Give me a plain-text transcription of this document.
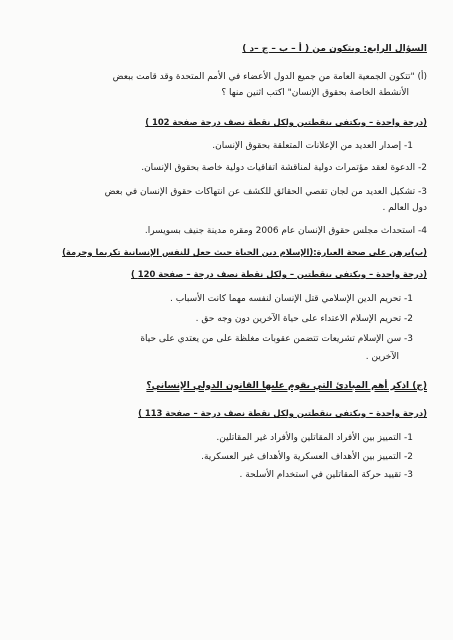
السؤال الرابع: ويتكون من ( أ – ب – ج –د )
(أ) "تتكون الجمعية العامة من جميع الدول الأعضاء في الأمم المتحدة وقد قامت ببعض
الأنشطة الخاصة بحقوق الإنسان" اكتب اثنين منها ؟
(درجة واحدة – ويكتفى بنقطتين ولكل نقطة نصف درجة صفحة 102 )
1- إصدار العديد من الإعلانات المتعلقة بحقوق الإنسان.
2- الدعوة لعقد مؤتمرات دولية لمناقشة اتفاقيات دولية خاصة بحقوق الإنسان.
3- تشكيل العديد من لجان تقصي الحقائق للكشف عن انتهاكات حقوق الإنسان في بعض
دول العالم .
4- استحداث مجلس حقوق الإنسان عام 2006 ومقره مدينة جنيف بسويسرا.
(ب)برهن على صحة العبارة:(الإسلام دين الحياة حيث جعل للنفس الإنسانية تكريما وحرمة)
(درجة واحدة – ويكتفى بنقطتين – ولكل نقطة نصف درجة – صفحة 120 )
1- تحريم الدين الإسلامي قتل الإنسان لنفسه مهما كانت الأسباب .
2- تحريم الإسلام الاعتداء على حياة الآخرين دون وجه حق .
3- سن الإسلام تشريعات تتضمن عقوبات مغلظة على من يعتدي على حياة
الآخرين .
(ج) اذكر أهم المبادئ التي يقوم عليها القانون الدولي الإنساني؟
(درجة واحدة – ويكتفى بنقطتين ولكل نقطة نصف درجة – صفحة 113 )
1- التمييز بين الأفراد المقاتلين والأفراد غير المقاتلين.
2- التمييز بين الأهداف العسكرية والأهداف غير العسكرية.
3- تقييد حركة المقاتلين في استخدام الأسلحة .
